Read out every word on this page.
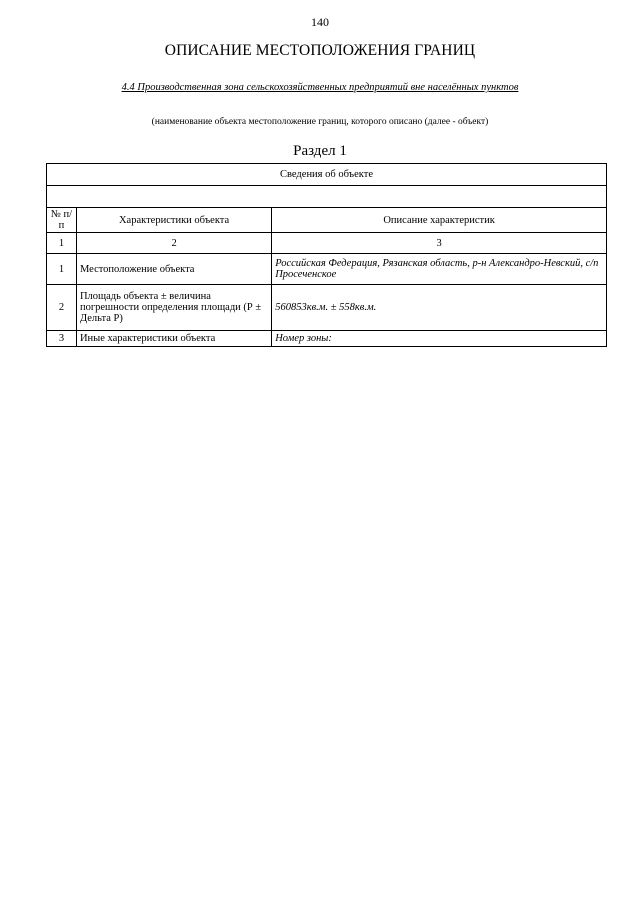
140
ОПИСАНИЕ МЕСТОПОЛОЖЕНИЯ ГРАНИЦ
4.4 Производственная зона сельскохозяйственных предприятий вне населённых пунктов
(наименование объекта местоположение границ, которого описано (далее - объект)
Раздел 1
Сведения об объекте		

№ п/п	Характеристики объекта	Описание характеристик
1	2	3
1	Местоположение объекта	Российская Федерация, Рязанская область, р-н Александро-Невский, с/п Просеченское
2	Площадь объекта ± величина погрешности определения площади (Р ± Дельта Р)	560853кв.м. ± 558кв.м.
3	Иные характеристики объекта	Номер зоны:
